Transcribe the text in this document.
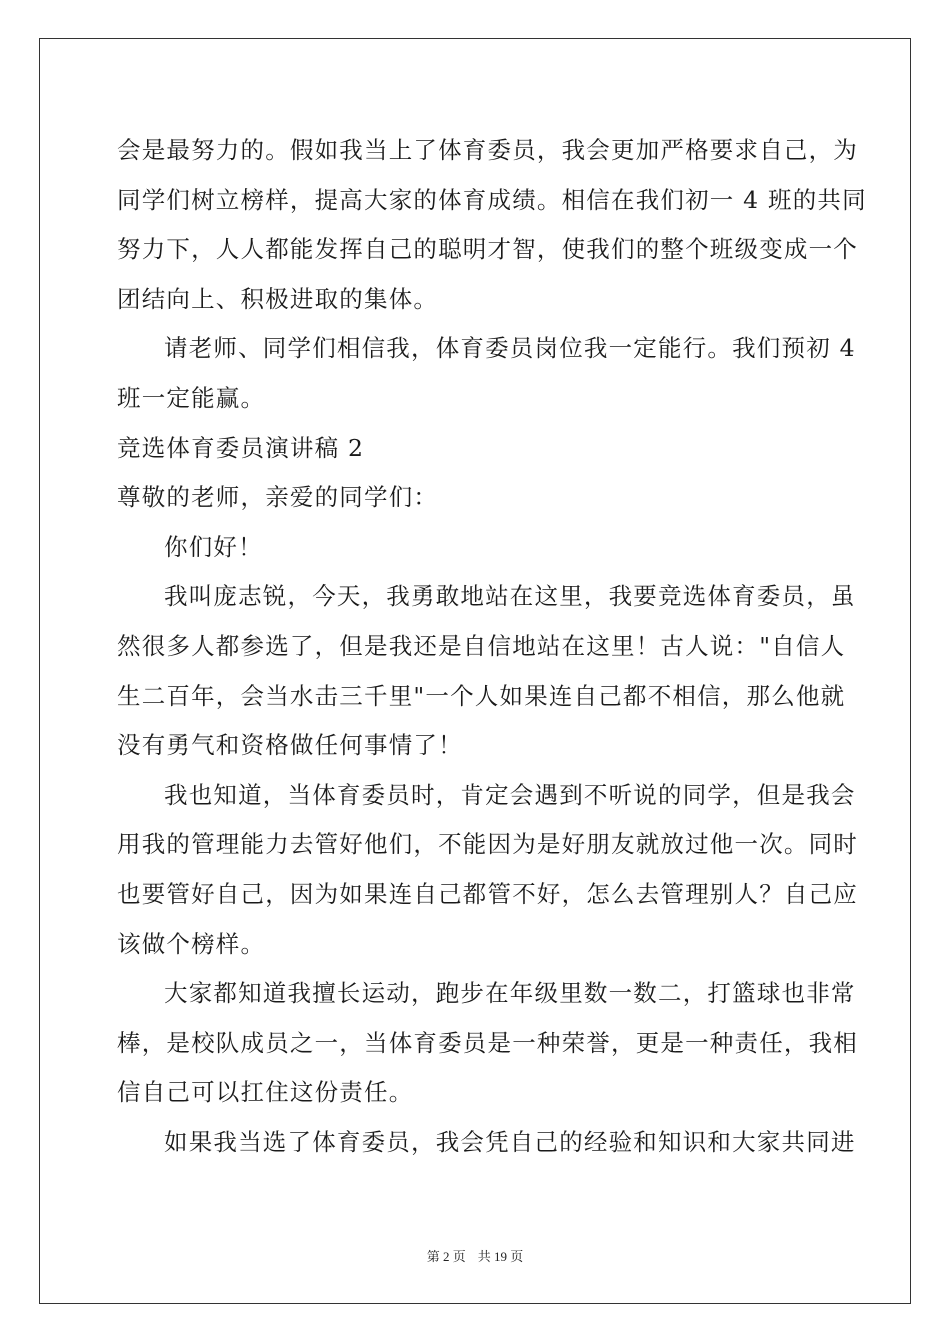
会是最努力的。假如我当上了体育委员，我会更加严格要求自己，为
同学们树立榜样，提高大家的体育成绩。相信在我们初一 4 班的共同
努力下，人人都能发挥自己的聪明才智，使我们的整个班级变成一个
团结向上、积极进取的集体。
请老师、同学们相信我，体育委员岗位我一定能行。我们预初 4
班一定能赢。
竞选体育委员演讲稿 2
尊敬的老师，亲爱的同学们：
你们好！
我叫庞志锐，今天，我勇敢地站在这里，我要竞选体育委员，虽
然很多人都参选了，但是我还是自信地站在这里！古人说："自信人
生二百年，会当水击三千里"一个人如果连自己都不相信，那么他就
没有勇气和资格做任何事情了！
我也知道，当体育委员时，肯定会遇到不听说的同学，但是我会
用我的管理能力去管好他们，不能因为是好朋友就放过他一次。同时
也要管好自己，因为如果连自己都管不好，怎么去管理别人？自己应
该做个榜样。
大家都知道我擅长运动，跑步在年级里数一数二，打篮球也非常
棒，是校队成员之一，当体育委员是一种荣誉，更是一种责任，我相
信自己可以扛住这份责任。
如果我当选了体育委员，我会凭自己的经验和知识和大家共同进
第 2 页 共 19 页
